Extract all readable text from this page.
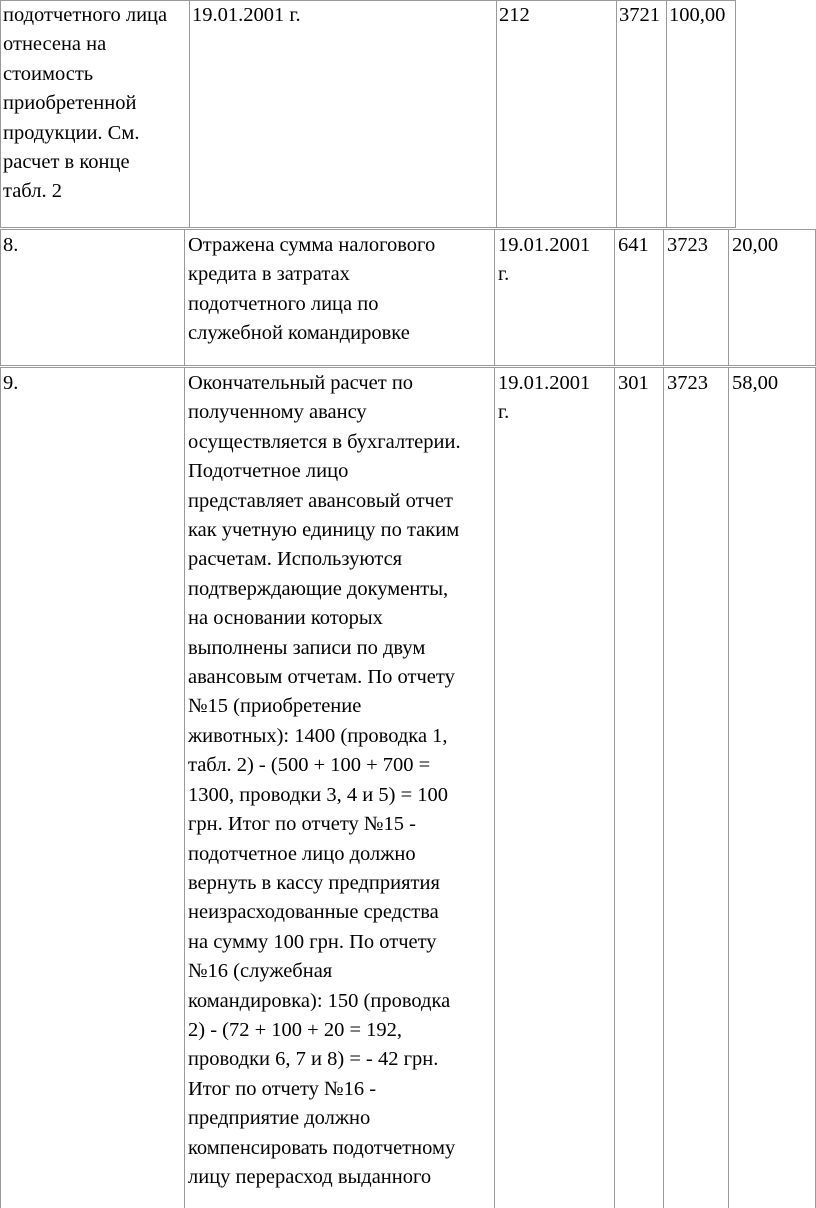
подотчетного лица
отнесена на
стоимость
приобретенной
продукции. См.
расчет в конце
табл. 2
19.01.2001 г.	212	3721 100,00
8.	Отражена сумма налогового
кредита в затратах
подотчетного лица по
служебной командировке
19.01.2001
г.
641 3723 20,00
9.	Окончательный расчет по
полученному авансу
осуществляется в бухгалтерии.
Подотчетное лицо
представляет авансовый отчет
как учетную единицу по таким
расчетам. Используются
подтверждающие документы,
на основании которых
выполнены записи по двум
авансовым отчетам. По отчету
№15 (приобретение
животных): 1400 (проводка 1,
табл. 2) - (500 + 100 + 700 =
1300, проводки 3, 4 и 5) = 100
грн. Итог по отчету №15 -
подотчетное лицо должно
вернуть в кассу предприятия
неизрасходованные средства
на сумму 100 грн. По отчету
№16 (служебная
командировка): 150 (проводка
2) - (72 + 100 + 20 = 192,
проводки 6, 7 и 8) = - 42 грн.
Итог по отчету №16 -
предприятие должно
компенсировать подотчетному
лицу перерасход выданного
19.01.2001
г.
301 3723 58,00
